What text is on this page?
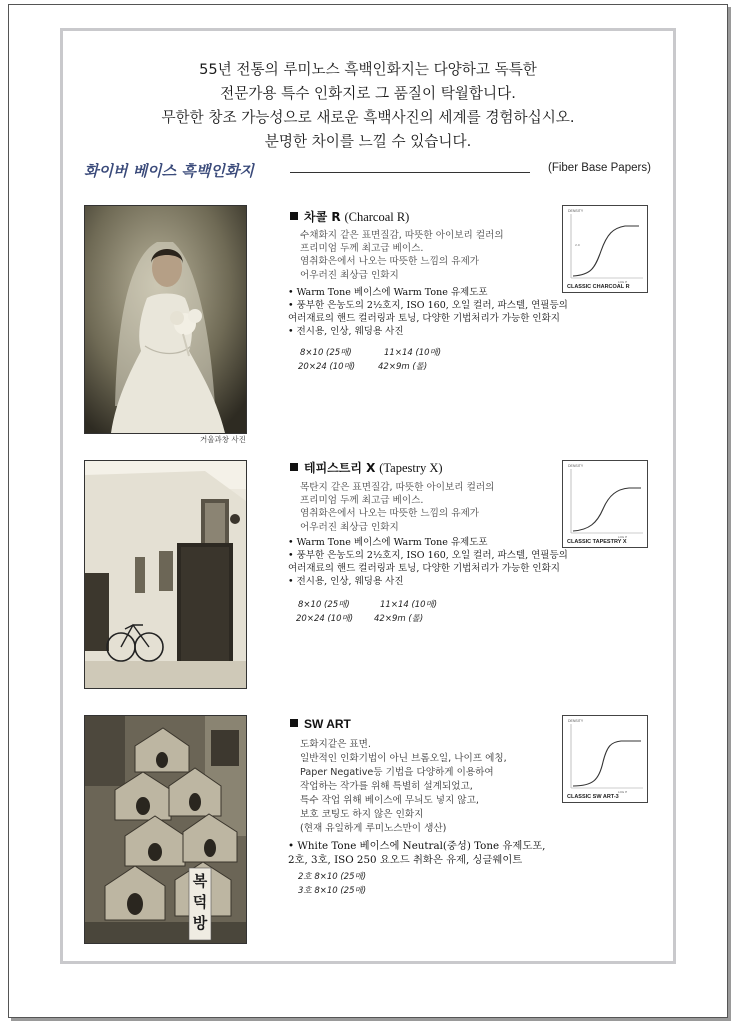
55년 전통의 루미노스 흑백인화지는 다양하고 독특한
전문가용 특수 인화지로 그 품질이 탁월합니다.
무한한 창조 가능성으로 새로운 흑백사진의 세계를 경험하십시오.
분명한 차이를 느낄 수 있습니다.
화이버 베이스 흑백인화지	(Fiber Base Papers)
거울과창 사진
차콜 R (Charcoal R)
수채화지 같은 표면질감, 따뜻한 아이보리 컬러의
프리미엄 두께 최고급 베이스.
염취화은에서 나오는 따뜻한 느낌의 유제가
어우러진 최상급 인화지
• Warm Tone 베이스에 Warm Tone 유제도포
• 풍부한 은농도의 2½호지, ISO 160, 오일 컬러, 파스텔, 연필등의
여러재료의 핸드 컬러링과 토닝, 다양한 기법처리가 가능한 인화지
• 전시용, 인상, 웨딩용 사진
8×10 (25매)	11×14 (10매)
20×24 (10매)	42×9m (롤)
DENSITY
2.0
LOG E
CLASSIC CHARCOAL R
테피스트리 X (Tapestry X)
목탄지 같은 표면질감, 따뜻한 아이보리 컬러의
프리미엄 두께 최고급 베이스.
염취화은에서 나오는 따뜻한 느낌의 유제가
어우러진 최상급 인화지
• Warm Tone 베이스에 Warm Tone 유제도포
• 풍부한 은농도의 2½호지, ISO 160, 오일 컬러, 파스텔, 연필등의
여러재료의 핸드 컬러링과 토닝, 다양한 기법처리가 가능한 인화지
• 전시용, 인상, 웨딩용 사진
8×10 (25매)	11×14 (10매)
20×24 (10매) 42×9m (롤)
DENSITY
LOG E
CLASSIC TAPESTRY X
복덕방
SW ART
도화지같은 표면.
일반적인 인화기법이 아닌 브롬오일, 나이프 에칭,
Paper Negative등 기법을 다양하게 이용하여
작업하는 작가를 위해 특별히 설계되었고,
특수 작업 위해 베이스에 무늬도 넣지 않고,
보호 코팅도 하지 않은 인화지
(현재 유일하게 루미노스만이 생산)
• White Tone 베이스에 Neutral(중성) Tone 유제도포,
2호, 3호, ISO 250 요오드 취화은 유제, 싱글웨이트
2호 8×10 (25매)
3호 8×10 (25매)
DENSITY
LOG E
CLASSIC SW ART-3
